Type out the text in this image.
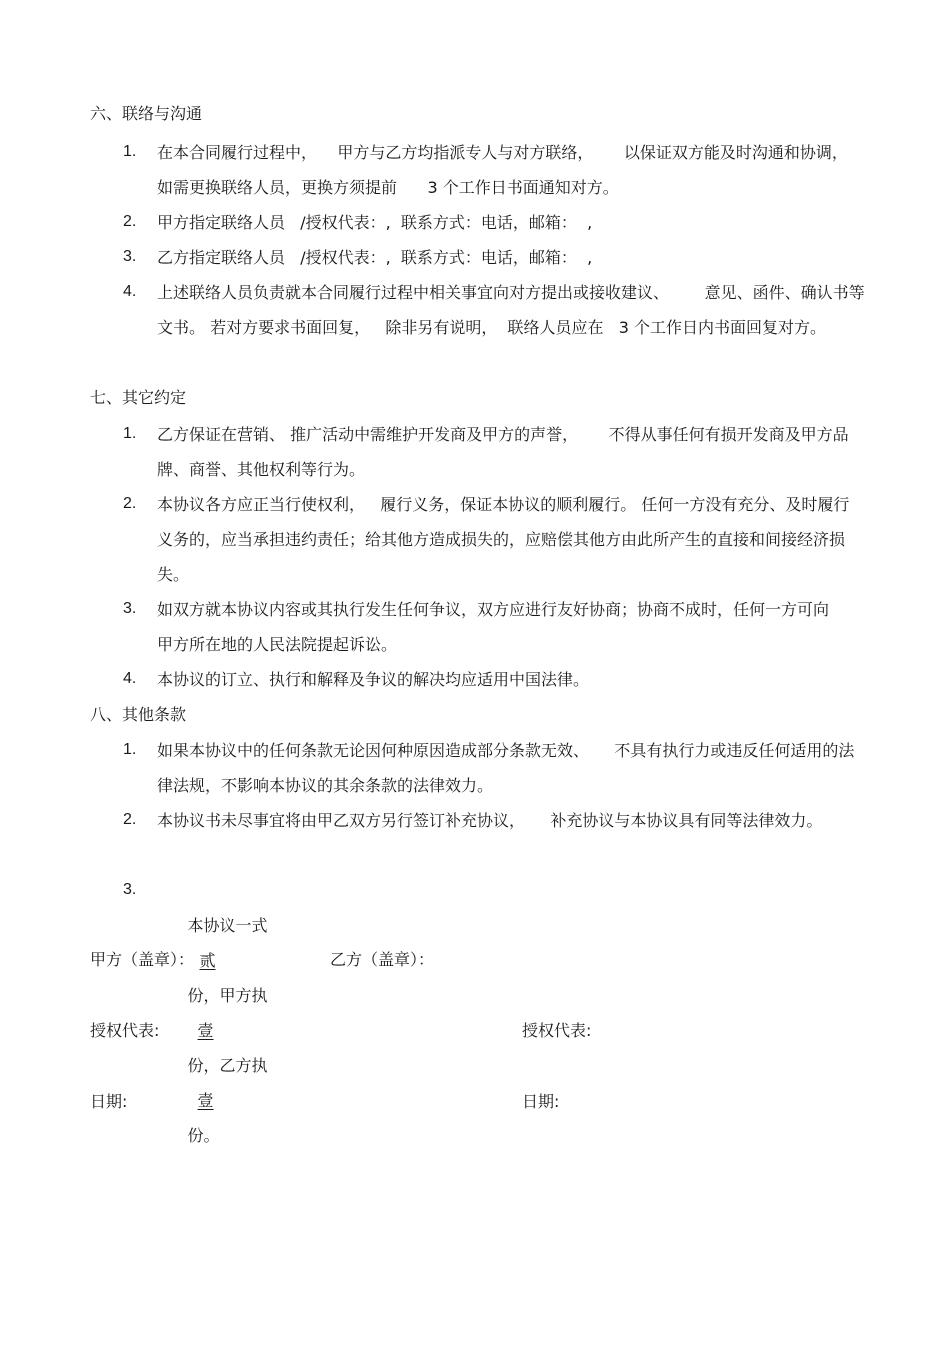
六、联络与沟通
1. 在本合同履行过程中，    甲方与乙方均指派专人与对方联络，      以保证双方能及时沟通和协调，如需更换联络人员，更换方须提前      3 个工作日书面通知对方。
2. 甲方指定联络人员   /授权代表：,  联系方式：电话，邮箱：  ,
3. 乙方指定联络人员   /授权代表：,  联系方式：电话，邮箱：  ,
4. 上述联络人员负责就本合同履行过程中相关事宜向对方提出或接收建议、       意见、函件、确认书等文书。 若对方要求书面回复，   除非另有说明，  联络人员应在   3 个工作日内书面回复对方。
七、其它约定
1. 乙方保证在营销、 推广活动中需维护开发商及甲方的声誉，      不得从事任何有损开发商及甲方品牌、商誉、其他权利等行为。
2. 本协议各方应正当行使权利，   履行义务，保证本协议的顺利履行。 任何一方没有充分、及时履行义务的，应当承担违约责任；给其他方造成损失的，应赔偿其他方由此所产生的直接和间接经济损失。
3. 如双方就本协议内容或其执行发生任何争议，双方应进行友好协商；协商不成时，任何一方可向甲方所在地的人民法院提起诉讼。
4. 本协议的订立、执行和解释及争议的解决均应适用中国法律。
八、其他条款
1. 如果本协议中的任何条款无论因何种原因造成部分条款无效、     不具有执行力或违反任何适用的法律法规，不影响本协议的其余条款的法律效力。
2. 本协议书未尽事宜将由甲乙双方另行签订补充协议，     补充协议与本协议具有同等法律效力。
3.

本协议一式
贰
份，甲方执
壹
份，乙方执
壹
份。

甲方（盖章）：	乙方（盖章）：
授权代表:	授权代表:
日期:	日期:
